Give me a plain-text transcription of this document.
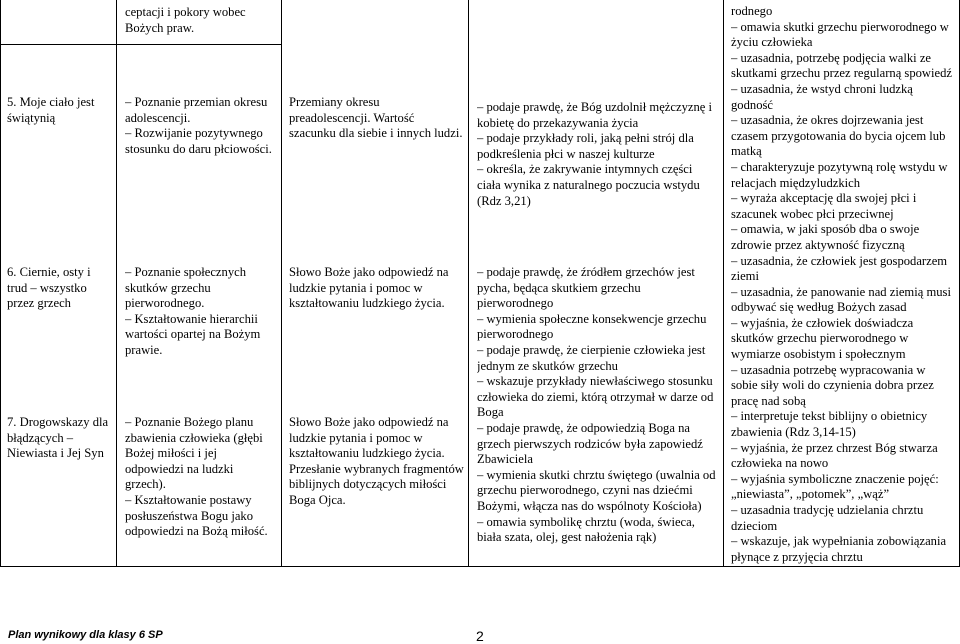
5. Moje ciało jest świątynią
6. Ciernie, osty i trud – wszystko przez grzech
7. Drogowskazy dla błądzących – Niewiasta i Jej Syn
ceptacji i pokory wobec Bożych praw.
– Poznanie przemian okresu adolescencji.
– Rozwijanie pozytywnego stosunku do daru płciowości.
– Poznanie społecznych skutków grzechu pierworodnego.
– Kształtowanie hierarchii wartości opartej na Bożym prawie.
– Poznanie Bożego planu zbawienia człowieka (głębi Bożej miłości i jej odpowiedzi na ludzki grzech).
– Kształtowanie postawy posłuszeństwa Bogu jako odpowiedzi na Bożą miłość.
Przemiany okresu preadolescencji. Wartość szacunku dla siebie i innych ludzi.
Słowo Boże jako odpowiedź na ludzkie pytania i pomoc w kształtowaniu ludzkiego życia.
Słowo Boże jako odpowiedź na ludzkie pytania i pomoc w kształtowaniu ludzkiego życia. Przesłanie wybranych fragmentów biblijnych dotyczących miłości Boga Ojca.
– podaje prawdę, że Bóg uzdolnił mężczyznę i kobietę do przekazywania życia
– podaje przykłady roli, jaką pełni strój dla podkreślenia płci w naszej kulturze
– określa, że zakrywanie intymnych części ciała wynika z naturalnego poczucia wstydu (Rdz 3,21)
– podaje prawdę, że źródłem grzechów jest pycha, będąca skutkiem grzechu pierworodnego
– wymienia społeczne konsekwencje grzechu pierworodnego
– podaje prawdę, że cierpienie człowieka jest jednym ze skutków grzechu
– wskazuje przykłady niewłaściwego stosunku człowieka do ziemi, którą otrzymał w darze od Boga
– podaje prawdę, że odpowiedzią Boga na grzech pierwszych rodziców była zapowiedź Zbawiciela
– wymienia skutki chrztu świętego (uwalnia od grzechu pierworodnego, czyni nas dziećmi Bożymi, włącza nas do wspólnoty Kościoła)
– omawia symbolikę chrztu (woda, świeca, biała szata, olej, gest nałożenia rąk)
rodnego
– omawia skutki grzechu pierworodnego w życiu człowieka
– uzasadnia, potrzebę podjęcia walki ze skutkami grzechu przez regularną spowiedź
– uzasadnia, że wstyd chroni ludzką godność
– uzasadnia, że okres dojrzewania jest czasem przygotowania do bycia ojcem lub matką
– charakteryzuje pozytywną rolę wstydu w relacjach międzyludzkich
– wyraża akceptację dla swojej płci i szacunek wobec płci przeciwnej
– omawia, w jaki sposób dba o swoje zdrowie przez aktywność fizyczną
– uzasadnia, że człowiek jest gospodarzem ziemi
– uzasadnia, że panowanie nad ziemią musi odbywać się według Bożych zasad
– wyjaśnia, że człowiek doświadcza skutków grzechu pierworodnego w wymiarze osobistym i społecznym
– uzasadnia potrzebę wypracowania w sobie siły woli do czynienia dobra przez pracę nad sobą
– interpretuje tekst biblijny o obietnicy zbawienia (Rdz 3,14-15)
– wyjaśnia, że przez chrzest Bóg stwarza człowieka na nowo
– wyjaśnia symboliczne znaczenie pojęć: „niewiasta”, „potomek”, „wąż”
– uzasadnia tradycję udzielania chrztu dzieciom
– wskazuje, jak wypełniania zobowiązania płynące z przyjęcia chrztu
Plan wynikowy dla klasy 6 SP	2
